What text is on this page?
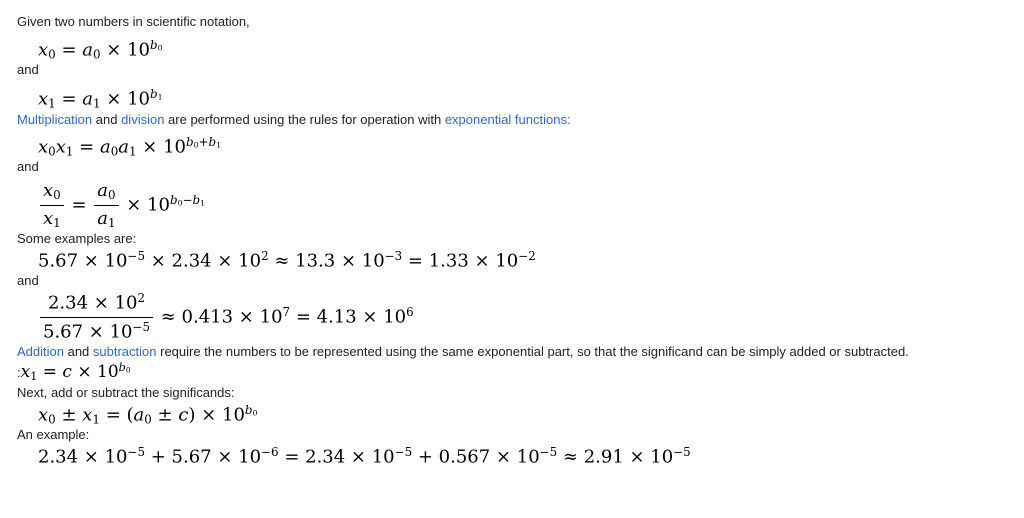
Given two numbers in scientific notation,

$x0 = a0 \times 10^{b0}$

and

$x1 = a1 \times 10^{b1}$

Multiplication and division are performed using the rules for operation with exponential functions:

$x0x1 = a0a1 \times 10^{b0+b1}$

and

$\frac{x0}{x1} = \frac{a0}{a1} \times 10^{b0-b1}$

Some examples are:

$5.67 \times 10^{-5} \times 2.34 \times 10^2 \approx 13.3 \times 10^{-3} = 1.33 \times 10^{-2}$

and

$\frac{2.34 \times 10^2}{5.67 \times 10^{-5}} \approx 0.413 \times 10^7 = 4.13 \times 10^6$

Addition and subtraction require the numbers to be represented using the same exponential part, so that the significand can be simply added or subtracted. :x1 = $c \times 10^{b0}$

Next, add or subtract the significands:

$x0 \pm x1 = (a0 \pm c) \times 10^{b0}$

An example:

$2.34 \times 10^{-5} + 5.67 \times 10^{-6} = 2.34 \times 10^{-5} + 0.567 \times 10^{-5} \approx 2.91 \times 10^{-5}$
